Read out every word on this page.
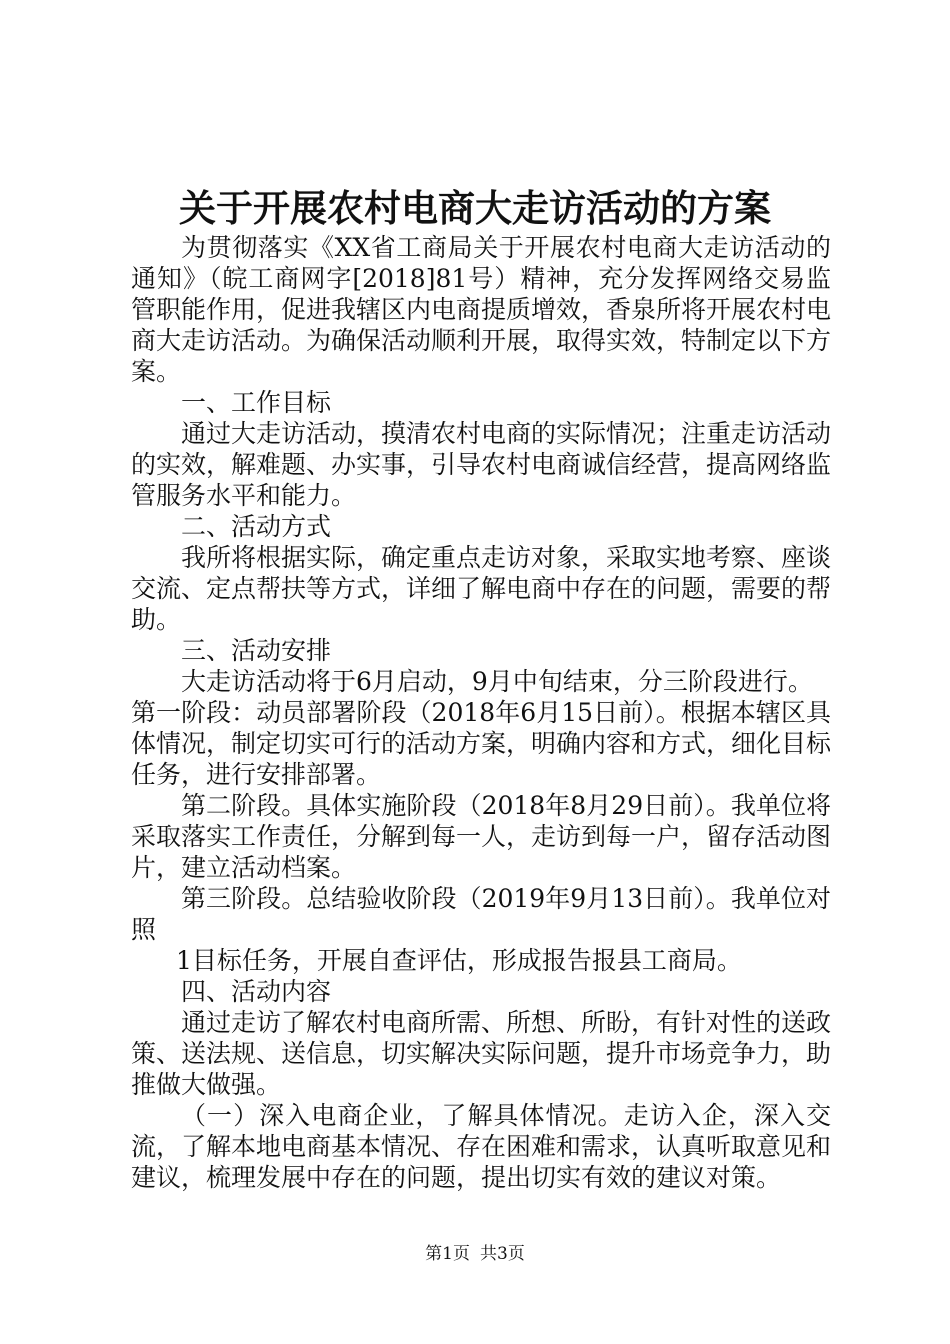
关于开展农村电商大走访活动的方案

为贯彻落实《XX省工商局关于开展农村电商大走访活动的通知》（皖工商网字[2018]81号）精神，充分发挥网络交易监管职能作用，促进我辖区内电商提质增效，香泉所将开展农村电商大走访活动。为确保活动顺利开展，取得实效，特制定以下方案。

一、工作目标

通过大走访活动，摸清农村电商的实际情况；注重走访活动的实效，解难题、办实事，引导农村电商诚信经营，提高网络监管服务水平和能力。

二、活动方式

我所将根据实际，确定重点走访对象，采取实地考察、座谈交流、定点帮扶等方式，详细了解电商中存在的问题，需要的帮助。

三、活动安排

大走访活动将于6月启动，9月中旬结束，分三阶段进行。

第一阶段：动员部署阶段（2018年6月15日前）。根据本辖区具体情况，制定切实可行的活动方案，明确内容和方式，细化目标任务，进行安排部署。

第二阶段。具体实施阶段（2018年8月29日前）。我单位将采取落实工作责任，分解到每一人，走访到每一户，留存活动图片，建立活动档案。

第三阶段。总结验收阶段（2019年9月13日前）。我单位对照

1目标任务，开展自查评估，形成报告报县工商局。

四、活动内容

通过走访了解农村电商所需、所想、所盼，有针对性的送政策、送法规、送信息，切实解决实际问题，提升市场竞争力，助推做大做强。

（一）深入电商企业，了解具体情况。走访入企，深入交流，了解本地电商基本情况、存在困难和需求，认真听取意见和建议，梳理发展中存在的问题，提出切实有效的建议对策。

第1页 共3页
